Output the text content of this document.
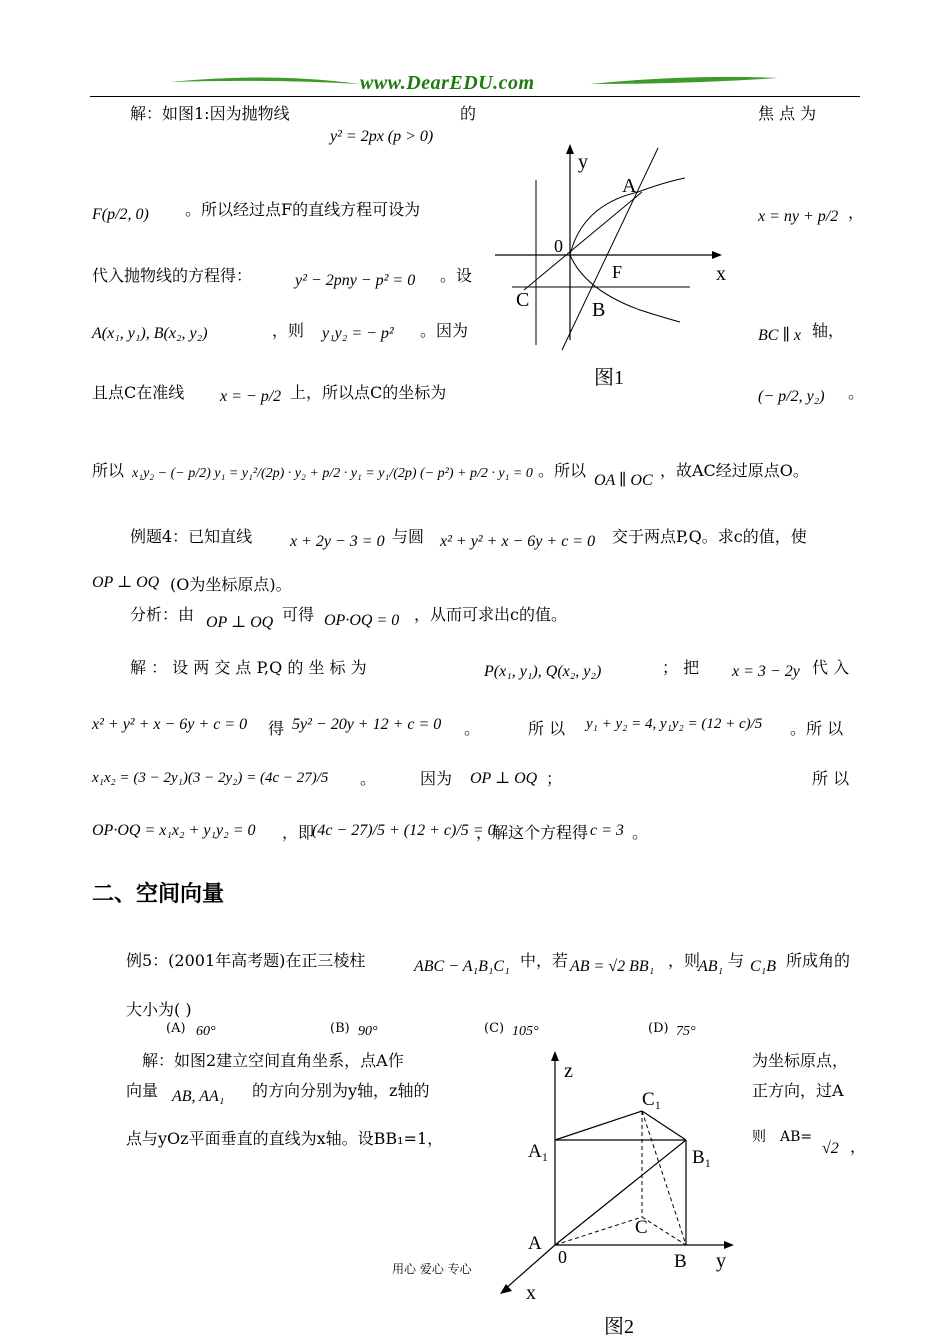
www.DearEDU.com
解：如图1:因为抛物线	的	焦 点 为
y² = 2px (p > 0)
F(p/2, 0) 。所以经过点F的直线方程可设为	x = ny + p/2 ，
代入抛物线的方程得：	y² − 2pny − p² = 0 。设
A(x₁, y₁), B(x₂, y₂)	，则 y₁y₂ = − p² 。因为	BC ∥ x 轴，
且点C在准线 x = − p/2 上，所以点C的坐标为	(− p/2, y₂) 。
所以 x₁y₂ − (− p/2) y₁ = y₁²/(2p) · y₂ + p/2 · y₁ = y₁/(2p) (− p²) + p/2 · y₁ = 0 。所以
OA ∥ OC
，故AC经过原点O。
y
x
A
0
F
C	B
图1
例题4：已知直线 x + 2y − 3 = 0 与圆 x² + y² + x − 6y + c = 0 交于两点P,Q。求c的值，使
OP ⊥ OQ (O为坐标原点)。
分析：由 OP ⊥ OQ 可得 OP·OQ = 0 ，从而可求出c的值。
解 ： 设 两 交 点 P,Q 的 坐 标 为	P(x₁, y₁), Q(x₂, y₂)	； 把 x = 3 − 2y 代 入
x² + y² + x − 6y + c = 0 得 5y² − 20y + 12 + c = 0 。	所 以 y₁ + y₂ = 4, y₁y₂ = (12 + c)/5 。所 以
x₁x₂ = (3 − 2y₁)(3 − 2y₂) = (4c − 27)/5 。	因为 OP ⊥ OQ ；	所 以
OP·OQ = x₁x₂ + y₁y₂ = 0 ，即
(4c − 27)/5 + (12 + c)/5 = 0
，解这个方程得 c = 3 。
二、空间向量
例5：(2001年高考题)在正三棱柱	ABC − A₁B₁C₁ 中，若 AB = √2 BB₁ ，则
AB₁ 与 C₁B 所成角的
大小为( )
(A) 60°	(B) 90°	(C) 105°	(D) 75°
解：如图2建立空间直角坐系，点A作	为坐标原点，
向量 AB, AA₁ 的方向分别为y轴，z轴的	正方向，过A
点与yOz平面垂直的直线为x轴。设BB₁=1，	则　AB=
√2 ，
z
C₁
A₁	B₁
C
A
0	B y
x
图2
用心 爱心 专心
